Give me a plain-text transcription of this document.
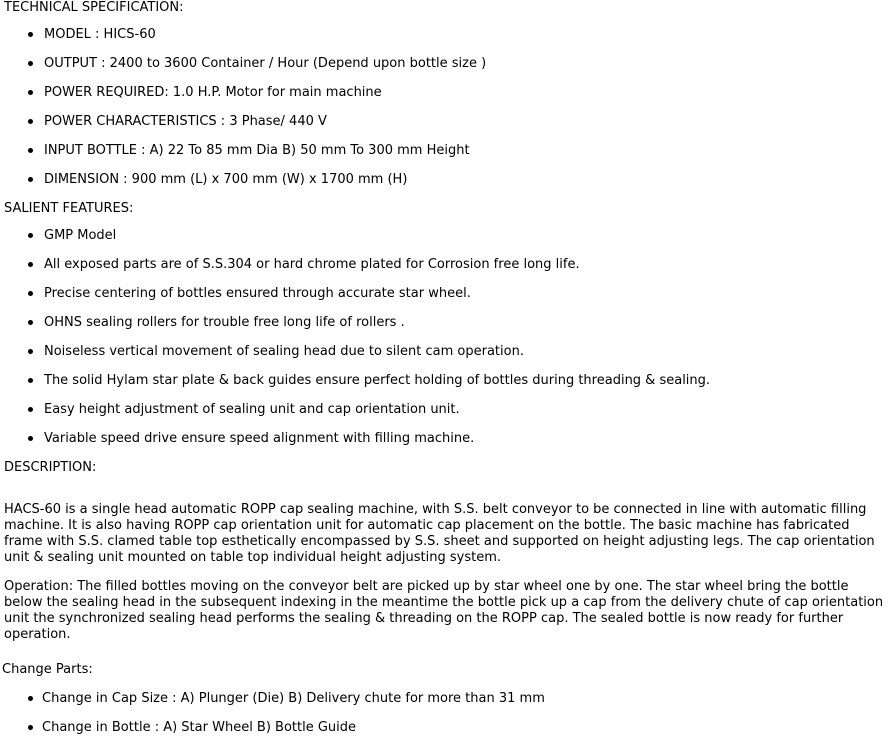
TECHNICAL SPECIFICATION:
MODEL : HICS-60
OUTPUT : 2400 to 3600 Container / Hour (Depend upon bottle size )
POWER REQUIRED: 1.0 H.P. Motor for main machine
POWER CHARACTERISTICS : 3 Phase/ 440 V
INPUT BOTTLE : A) 22 To 85 mm Dia B) 50 mm To 300 mm Height
DIMENSION : 900 mm (L) x 700 mm (W) x 1700 mm (H)
SALIENT FEATURES:
GMP Model
All exposed parts are of S.S.304 or hard chrome plated for Corrosion free long life.
Precise centering of bottles ensured through accurate star wheel.
OHNS sealing rollers for trouble free long life of rollers .
Noiseless vertical movement of sealing head due to silent cam operation.
The solid Hylam star plate & back guides ensure perfect holding of bottles during threading & sealing.
Easy height adjustment of sealing unit and cap orientation unit.
Variable speed drive ensure speed alignment with filling machine.
DESCRIPTION:

HACS-60 is a single head automatic ROPP cap sealing machine, with S.S. belt conveyor to be connected in line with automatic filling machine. It is also having ROPP cap orientation unit for automatic cap placement on the bottle. The basic machine has fabricated frame with S.S. clamed table top esthetically encompassed by S.S. sheet and supported on height adjusting legs. The cap orientation unit & sealing unit mounted on table top individual height adjusting system.

Operation: The filled bottles moving on the conveyor belt are picked up by star wheel one by one. The star wheel bring the bottle below the sealing head in the subsequent indexing in the meantime the bottle pick up a cap from the delivery chute of cap orientation unit the synchronized sealing head performs the sealing & threading on the ROPP cap. The sealed bottle is now ready for further operation.

Change Parts:
Change in Cap Size : A) Plunger (Die) B) Delivery chute for more than 31 mm
Change in Bottle : A) Star Wheel B) Bottle Guide
